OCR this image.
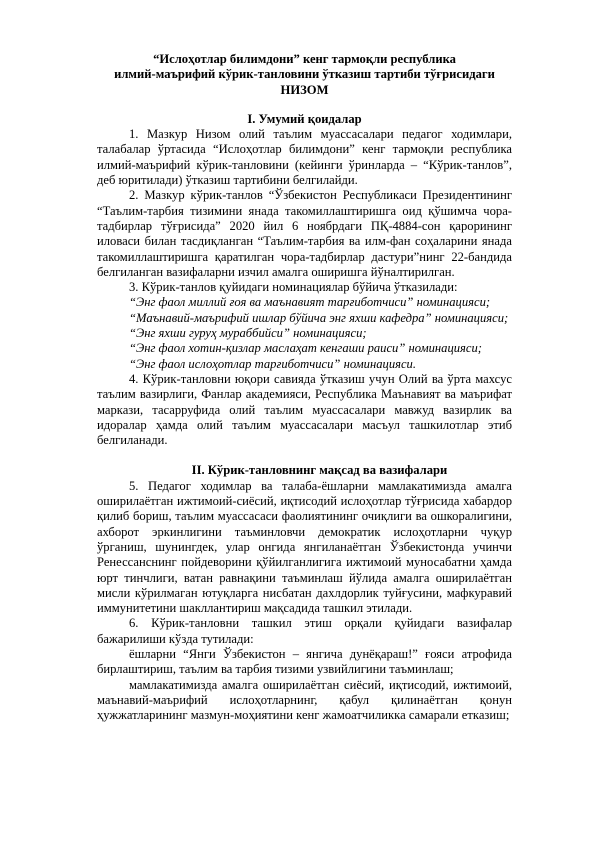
“Ислоҳотлар билимдони” кенг тармоқли республика
илмий-маърифий кўрик-танловини ўтказиш тартиби тўғрисидаги
НИЗОМ
I. Умумий қоидалар

1. Мазкур Низом олий таълим муассасалари педагог ходимлари, талабалар ўртасида “Ислоҳотлар билимдони” кенг тармоқли республика илмий-маърифий кўрик-танловини (кейинги ўринларда – “Кўрик-танлов”, деб юритилади) ўтказиш тартибини белгилайди.

2. Мазкур кўрик-танлов “Ўзбекистон Республикаси Президентининг “Таълим-тарбия тизимини янада такомиллаштиришга оид қўшимча чора-тадбирлар тўғрисида” 2020 йил 6 ноябрдаги ПҚ-4884-сон қарорининг иловаси билан тасдиқланган “Таълим-тарбия ва илм-фан соҳаларини янада такомиллаштиришга қаратилган чора-тадбирлар дастури”нинг 22-бандида белгиланган вазифаларни изчил амалга оширишга йўналтирилган.

3. Кўрик-танлов қуйидаги номинациялар бўйича ўтказилади:

“Энг фаол миллий ғоя ва маънавият тарғиботчиси” номинацияси;
“Маънавий-маърифий ишлар бўйича энг яхши кафедра” номинацияси;
“Энг яхши гуруҳ мураббийси” номинацияси;
“Энг фаол хотин-қизлар маслаҳат кенгаши раиси” номинацияси;
“Энг фаол ислоҳотлар тарғиботчиси” номинацияси.

4. Кўрик-танловни юқори савияда ўтказиш учун Олий ва ўрта махсус таълим вазирлиги, Фанлар академияси, Республика Маънавият ва маърифат маркази, тасарруфида олий таълим муассасалари мавжуд вазирлик ва идоралар ҳамда олий таълим муассасалари масъул ташкилотлар этиб белгиланади.

II. Кўрик-танловнинг мақсад ва вазифалари

5. Педагог ходимлар ва талаба-ёшларни мамлакатимизда амалга оширилаётган ижтимоий-сиёсий, иқтисодий ислоҳотлар тўғрисида хабардор қилиб бориш, таълим муассасаси фаолиятининг очиқлиги ва ошкоралигини, ахборот эркинлигини таъминловчи демократик ислоҳотларни чуқур ўрганиш, шунингдек, улар онгида янгиланаётган Ўзбекистонда учинчи Ренессанснинг пойдеворини қўйилганлигига ижтимоий муносабатни ҳамда юрт тинчлиги, ватан равнақини таъминлаш йўлида амалга оширилаётган мисли кўрилмаган ютуқларга нисбатан дахлдорлик туйғусини, мафкуравий иммунитетини шакллантириш мақсадида ташкил этилади.

6. Кўрик-танловни ташкил этиш орқали қуйидаги вазифалар бажарилиши кўзда тутилади:

ёшларни “Янги Ўзбекистон – янгича дунёқараш!” ғояси атрофида бирлаштириш, таълим ва тарбия тизими узвийлигини таъминлаш;

мамлакатимизда амалга оширилаётган сиёсий, иқтисодий, ижтимоий, маънавий-маърифий ислоҳотларнинг, қабул қилинаётган қонун ҳужжатларининг мазмун-моҳиятини кенг жамоатчиликка самарали етказиш;
